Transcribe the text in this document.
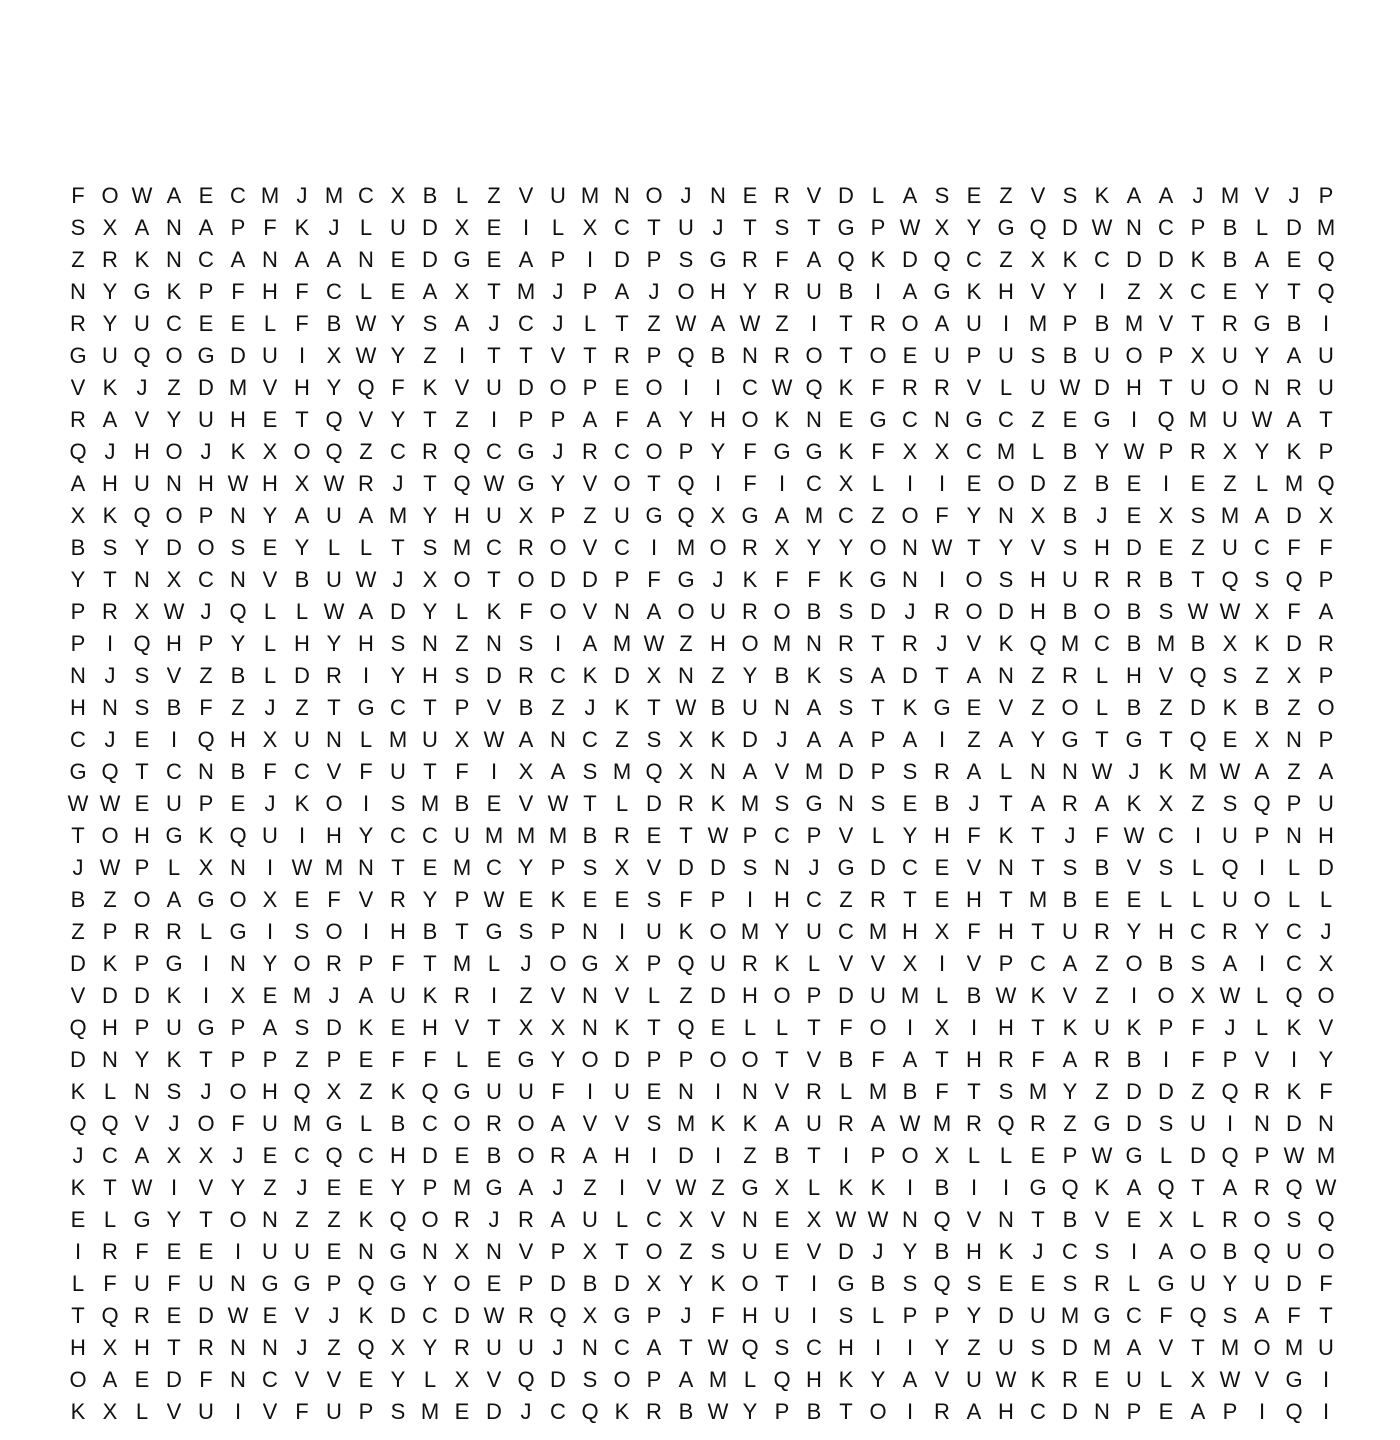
F O W A E C M J M C X B L Z V U M N O J N E R V D L A S E Z V S K A A J M V J P
S X A N A P F K J L U D X E I	L X C T U J T S T G P W X Y G Q D W N C P B L D M
Z R K N C A N A A N E D G E A P I D P S G R F A Q K D Q C Z X K C D D K B A E Q
N Y G K P F H F C L E A X T M J P A J O H Y R U B I A G K H V Y I	Z X C E Y T Q
R Y U C E E L F B W Y S A J C J L T Z W A W Z	I	T R O A U I M P B M V T R G B I
G U Q O G D U I X W Y Z	I	T T V T R P Q B N R O T O E U P U S B U O P X U Y A U
V K J Z D M V H Y Q F K V U D O P E O I	I C W Q K F R R V L U W D H T U O N R U
R A V Y U H E T Q V Y T Z	I P P A F A Y H O K N E G C N G C Z E G I Q M U W A T
Q J H O J K X O Q Z C R Q C G J R C O P Y F G G K F X X C M L B Y W P R X Y K P
A H U N H W H X W R J T Q W G Y V O T Q I	F	I C X L	I	I E O D Z B E I E Z L M Q
X K Q O P N Y A U A M Y H U X P Z U G Q X G A M C Z O F Y N X B J E X S M A D X
B S Y D O S E Y L L T S M C R O V C I M O R X Y Y O N W T Y V S H D E Z U C F F
Y T N X C N V B U W J X O T O D D P F G J K F F K G N I O S H U R R B T Q S Q P
P R X W J Q L L W A D Y L K F O V N A O U R O B S D J R O D H B O B S W W X F A
P I Q H P Y L H Y H S N Z N S I A M W Z H O M N R T R J V K Q M C B M B X K D R
N J S V Z B L D R I Y H S D R C K D X N Z Y B K S A D T A N Z R L H V Q S Z X P
H N S B F Z J Z T G C T P V B Z J K T W B U N A S T K G E V Z O L B Z D K B Z O
C J E I Q H X U N L M U X W A N C Z S X K D J A A P A I	Z A Y G T G T Q E X N P
G Q T C N B F C V F U T F	I X A S M Q X N A V M D P S R A L N N W J K M W A Z A
W W E U P E J K O I S M B E V W T L D R K M S G N S E B J T A R A K X Z S Q P U
T O H G K Q U I H Y C C U M M M B R E T W P C P V L Y H F K T J F W C I U P N H
J W P L X N I W M N T E M C Y P S X V D D S N J G D C E V N T S B V S L Q I	L D
B Z O A G O X E F V R Y P W E K E E S F P I H C Z R T E H T M B E E L L U O L L
Z P R R L G I S O I H B T G S P N I U K O M Y U C M H X F H T U R Y H C R Y C J
D K P G I N Y O R P F T M L J O G X P Q U R K L V V X I V P C A Z O B S A I C X
V D D K I X E M J A U K R I	Z V N V L Z D H O P D U M L B W K V Z	I O X W L Q O
Q H P U G P A S D K E H V T X X N K T Q E L L T F O I X I H T K U K P F J L K V
D N Y K T P P Z P E F F L E G Y O D P P O O T V B F A T H R F A R B I	F P V I Y
K L N S J O H Q X Z K Q G U U F	I U E N I N V R L M B F T S M Y Z D D Z Q R K F
Q Q V J O F U M G L B C O R O A V V S M K K A U R A W M R Q R Z G D S U I N D N
J C A X X J E C Q C H D E B O R A H I D I	Z B T	I P O X L L E P W G L D Q P W M
K T W I V Y Z J E E Y P M G A J Z	I V W Z G X L K K I B I	I G Q K A Q T A R Q W
E L G Y T O N Z Z K Q O R J R A U L C X V N E X W W N Q V N T B V E X L R O S Q
I R F E E I U U E N G N X N V P X T O Z S U E V D J Y B H K J C S I A O B Q U O
L F U F U N G G P Q G Y O E P D B D X Y K O T	I G B S Q S E E S R L G U Y U D F
T Q R E D W E V J K D C D W R Q X G P J F H U I S L P P Y D U M G C F Q S A F T
H X H T R N N J Z Q X Y R U U J N C A T W Q S C H I	I Y Z U S D M A V T M O M U
O A E D F N C V V E Y L X V Q D S O P A M L Q H K Y A V U W K R E U L X W V G I
K X L V U I V F U P S M E D J C Q K R B W Y P B T O I R A H C D N P E A P I Q I
